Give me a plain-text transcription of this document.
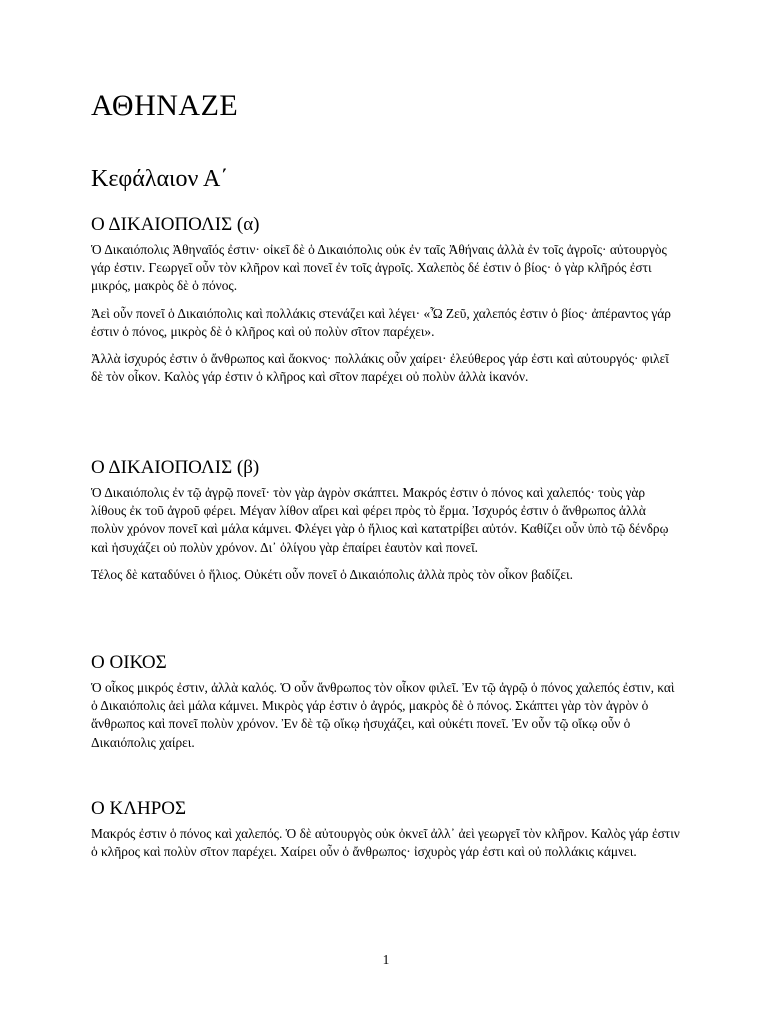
ΑΘΗΝΑΖΕ
Κεφάλαιον Α΄
Ο ΔΙΚΑΙΟΠΟΛΙΣ (α)

Ὁ Δικαιόπολις Ἀθηναῖός ἐστιν· οἰκεῖ δὲ ὁ Δικαιόπολις οὐκ ἐν ταῖς Ἀθήναις ἀλλὰ ἐν τοῖς ἀγροῖς· αὐτουργὸς γάρ ἐστιν. Γεωργεῖ οὖν τὸν κλῆρον καὶ πονεῖ ἐν τοῖς ἀγροῖς. Χαλεπὸς δέ ἐστιν ὁ βίος· ὁ γὰρ κλῆρός ἐστι μικρός, μακρὸς δὲ ὁ πόνος.

Ἀεὶ οὖν πονεῖ ὁ Δικαιόπολις καὶ πολλάκις στενάζει καὶ λέγει· «Ὦ Ζεῦ, χαλεπός ἐστιν ὁ βίος· ἀπέραντος γάρ ἐστιν ὁ πόνος, μικρὸς δὲ ὁ κλῆρος καὶ οὐ πολὺν σῖτον παρέχει».

Ἀλλὰ ἰσχυρός ἐστιν ὁ ἄνθρωπος καὶ ἄοκνος· πολλάκις οὖν χαίρει· ἐλεύθερος γάρ ἐστι καὶ αὐτουργός· φιλεῖ δὲ τὸν οἶκον. Καλὸς γάρ ἐστιν ὁ κλῆρος καὶ σῖτον παρέχει οὐ πολὺν ἀλλὰ ἱκανόν.

Ο ΔΙΚΑΙΟΠΟΛΙΣ (β)

Ὁ Δικαιόπολις ἐν τῷ ἀγρῷ πονεῖ· τὸν γὰρ ἀγρὸν σκάπτει. Μακρός ἐστιν ὁ πόνος καὶ χαλεπός· τοὺς γὰρ λίθους ἐκ τοῦ ἀγροῦ φέρει. Μέγαν λίθον αἴρει καὶ φέρει πρὸς τὸ ἕρμα. Ἰσχυρός ἐστιν ὁ ἄνθρωπος ἀλλὰ πολὺν χρόνον πονεῖ καὶ μάλα κάμνει. Φλέγει γὰρ ὁ ἥλιος καὶ κατατρίβει αὐτόν. Καθίζει οὖν ὑπὸ τῷ δένδρῳ καὶ ἡσυχάζει οὐ πολὺν χρόνον. Δι᾽ ὀλίγου γὰρ ἐπαίρει ἑαυτὸν καὶ πονεῖ.

Τέλος δὲ καταδύνει ὁ ἥλιος. Οὐκέτι οὖν πονεῖ ὁ Δικαιόπολις ἀλλὰ πρὸς τὸν οἶκον βαδίζει.

Ο ΟΙΚΟΣ

Ὁ οἶκος μικρός ἐστιν, ἀλλὰ καλός. Ὁ οὖν ἄνθρωπος τὸν οἶκον φιλεῖ. Ἐν τῷ ἀγρῷ ὁ πόνος χαλεπός ἐστιν, καὶ ὁ Δικαιόπολις ἀεὶ μάλα κάμνει. Μικρὸς γάρ ἐστιν ὁ ἀγρός, μακρὸς δὲ ὁ πόνος. Σκάπτει γὰρ τὸν ἀγρὸν ὁ ἄνθρωπος καὶ πονεῖ πολὺν χρόνον. Ἐν δὲ τῷ οἴκῳ ἡσυχάζει, καὶ οὐκέτι πονεῖ. Ἐν οὖν τῷ οἴκῳ οὖν ὁ Δικαιόπολις χαίρει.

Ο ΚΛΗΡΟΣ

Μακρός ἐστιν ὁ πόνος καὶ χαλεπός. Ὁ δὲ αὐτουργὸς οὐκ ὀκνεῖ ἀλλ᾽ ἀεὶ γεωργεῖ τὸν κλῆρον. Καλὸς γάρ ἐστιν ὁ κλῆρος καὶ πολὺν σῖτον παρέχει. Χαίρει οὖν ὁ ἄνθρωπος· ἰσχυρὸς γάρ ἐστι καὶ οὐ πολλάκις κάμνει.

1
